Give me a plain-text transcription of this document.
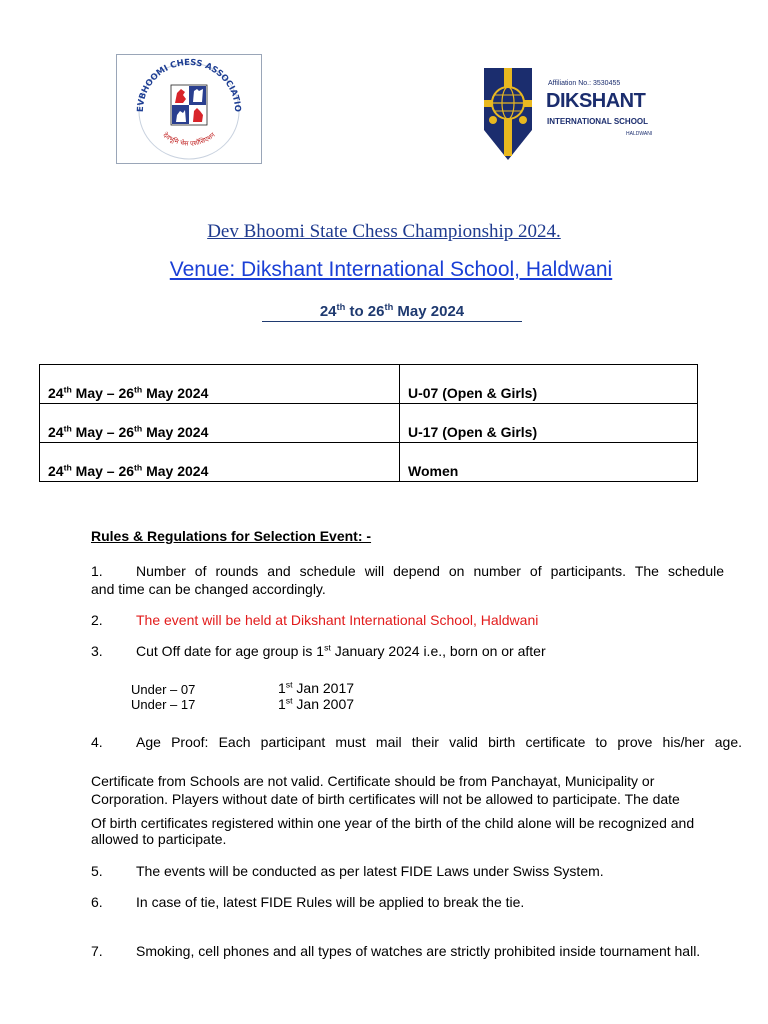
EVBHOOMI CHESS ASSOCIATIO
देवभूमि चेस एसोसिएशन
Affiliation No.: 3530455
DIKSHANT
INTERNATIONAL SCHOOL
HALDWANI
Dev Bhoomi State Chess Championship 2024.
Venue: Dikshant International School, Haldwani
24th to 26th May 2024
24th May – 26th May 2024	U-07 (Open & Girls)
24th May – 26th May 2024	U-17 (Open & Girls)
24th May – 26th May 2024	Women
Rules & Regulations for Selection Event: -
1. Number of rounds and schedule will depend on number of participants. The schedule
and time can be changed accordingly.
2. The event will be held at Dikshant International School, Haldwani
3. Cut Off date for age group is 1st January 2024 i.e., born on or after
Under – 07	1st Jan 2017
Under – 17	1st Jan 2007
4. Age Proof: Each participant must mail their valid birth certificate to prove his/her age.
Certificate from Schools are not valid. Certificate should be from Panchayat, Municipality or
Corporation. Players without date of birth certificates will not be allowed to participate. The date
Of birth certificates registered within one year of the birth of the child alone will be recognized and
allowed to participate.
5. The events will be conducted as per latest FIDE Laws under Swiss System.
6. In case of tie, latest FIDE Rules will be applied to break the tie.
7. Smoking, cell phones and all types of watches are strictly prohibited inside tournament hall.
